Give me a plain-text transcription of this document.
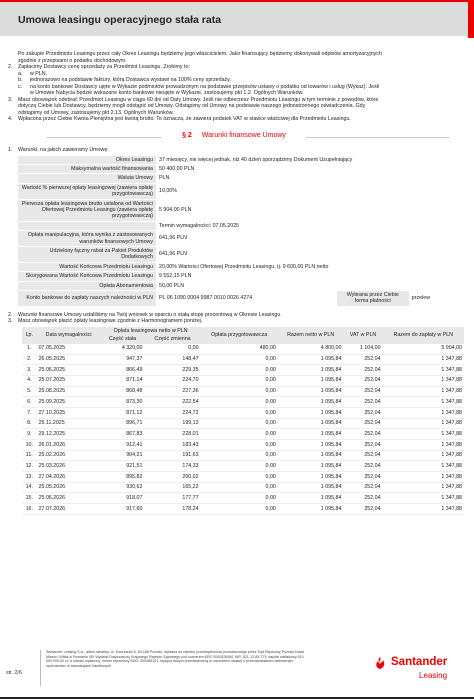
Umowa leasingu operacyjnego stała rata

Po zakupie Przedmiotu Leasingu przez cały Okres Leasingu będziemy jego właścicielem. Jako finansujący będziemy dokonywali odpisów amortyzacyjnych
zgodnie z przepisami o podatku dochodowym.

2. Zapłacimy Dostawcy cenę sprzedaży za Przedmiot Leasingu. Zrobimy to:

a. w PLN,

b. jednorazowo na podstawie faktury, którą Dostawca wystawi na 100% ceny sprzedaży,

c. na konto bankowe Dostawcy ujęte w Wykazie podmiotów prowadzonym na podstawie przepisów ustawy o podatku od towarów i usług (Wykaz). Jeśli
w Umowie Nabycia będzie wskazane konto bankowe nieujęte w Wykazie, zastosujemy pkt 1.2. Ogólnych Warunków.

3. Masz obowiązek odebrać Przedmiot Leasingu w ciągu 60 dni od Daty Umowy. Jeśli nie odbierzesz Przedmiotu Leasingu w tym terminie z powodów, które
dotyczą Ciebie lub Dostawcy, będziemy mogli odstąpić od Umowy. Odstąpimy od Umowy na podstawie naszego jednostronnego oświadczenia. Gdy
odstąpimy od Umowy, zastosujemy pkt 2.13. Ogólnych Warunków.

4. Wpłacona przez Ciebie Kwota Pieniężna jest kwotą brutto. To oznacza, że zawiera podatek VAT w stawce właściwej dla Przedmiotu Leasingu.

§ 2 Warunki finansowe Umowy

1. Warunki, na jakich zawieramy Umowę:

Okres Leasingu	37 miesięcy, nie więcej jednak, niż 40 dzień sporządzimy Dokument Uzupełniający		
Maksymalna wartość finansowania	50 400,00 PLN		
Waluta Umowy	PLN		
Wartość % pierwszej opłaty leasingowej (zawiera opłatę przygotowawczą)	10,00%		
Pierwsza opłata leasingowa brutto ustalona od Wartości Ofertowej Przedmiotu Leasingu (zawiera opłatę przygotowawczą)	5 904,00 PLN		
	Termin wymagalności: 07.05.2025		
Opłata manipulacyjna, która wynika z zastosowanych warunków finansowych Umowy	641,96 PLN		
Udzielony fączny rabat za Pakiet Produktów Dodatkowych	641,96 PLN		
Wartość Końcowa Przedmiotu Leasingu	20,00% Wartości Ofertowej Przedmiotu Leasingu, tj. 9 600,00 PLN netto		
Skorygowana Wartość Końcowa Przedmiotu Leasingu	9 552,15 PLN		
Opłata Abonamentowa	50,00 PLN		
Konto bankowe do zapłaty naszych należności w PLN	PL 06 1090 0004 9987 0010 0026 4274	Wybrana przez Ciebie forma płatności	przelew

2. Warunki finansowe Umowy ustaliliśmy na Twój wniosek w oparciu o stałą stopę procentową w Okresie Leasingu.

3. Masz obowiązek płacić opłaty leasingowe zgodnie z Harmonogramem poniżej.

Lp.	Data wymagalności	Opłata leasingowa netto w PLN		Opłata przygotowawcza	Razem netto w PLN	VAT w PLN	Razem do zapłaty w PLN
		Część stała	Część zmienna				
1.	07.05.2025	4 320,00	0,00	480,00	4 800,00	1 104,00	5 904,00
2.	26.05.2025	947,37	148,47	0,00	1 095,84	252,04	1 347,88
3.	25.06.2025	866,49	229,35	0,00	1 095,84	252,04	1 347,88
4.	25.07.2025	871,14	224,70	0,00	1 095,84	252,04	1 347,88
5.	25.08.2025	868,48	227,36	0,00	1 095,84	252,04	1 347,88
6.	25.09.2025	873,30	222,54	0,00	1 095,84	252,04	1 347,88
7.	27.10.2025	871,12	224,72	0,00	1 095,84	252,04	1 347,88
8.	25.11.2025	896,71	199,13	0,00	1 095,84	252,04	1 347,88
9.	29.12.2025	867,83	228,01	0,00	1 095,84	252,04	1 347,88
10.	26.01.2026	912,41	183,43	0,00	1 095,84	252,04	1 347,88
11.	25.02.2026	904,21	191,63	0,00	1 095,84	252,04	1 347,88
12.	25.03.2026	921,51	174,33	0,00	1 095,84	252,04	1 347,88
13.	27.04.2026	895,82	200,02	0,00	1 095,84	252,04	1 347,88
14.	25.05.2026	930,62	165,22	0,00	1 095,84	252,04	1 347,88
15.	25.06.2026	918,07	177,77	0,00	1 095,84	252,04	1 347,88
16.	27.07.2026	917,60	178,24	0,00	1 095,84	252,04	1 347,88
str. 2/6
Santander Leasing S.A., adres siedziby: ul. Kościuszki 6, 60-188 Poznań, wpisana do rejestru przedsiębiorców prowadzonego przez Sąd Rejonowy Poznań-Nowe Miasto i Wilda w Poznaniu VIII Wydział Gospodarczy Krajowego Rejestru Sądowego pod numerem KRS 0000026084, NIP: 521-12-65-779, kapitał zakładowy 510 000 000,00 zł, w całości wpłacony, numer rejestrowy BDO: 000485101, będąca dużym przedsiębiorcą w rozumieniu ustawy o przeciwdziałaniu nadmiernym opóźnieniom w transakcjach handlowych	Santander
Leasing
